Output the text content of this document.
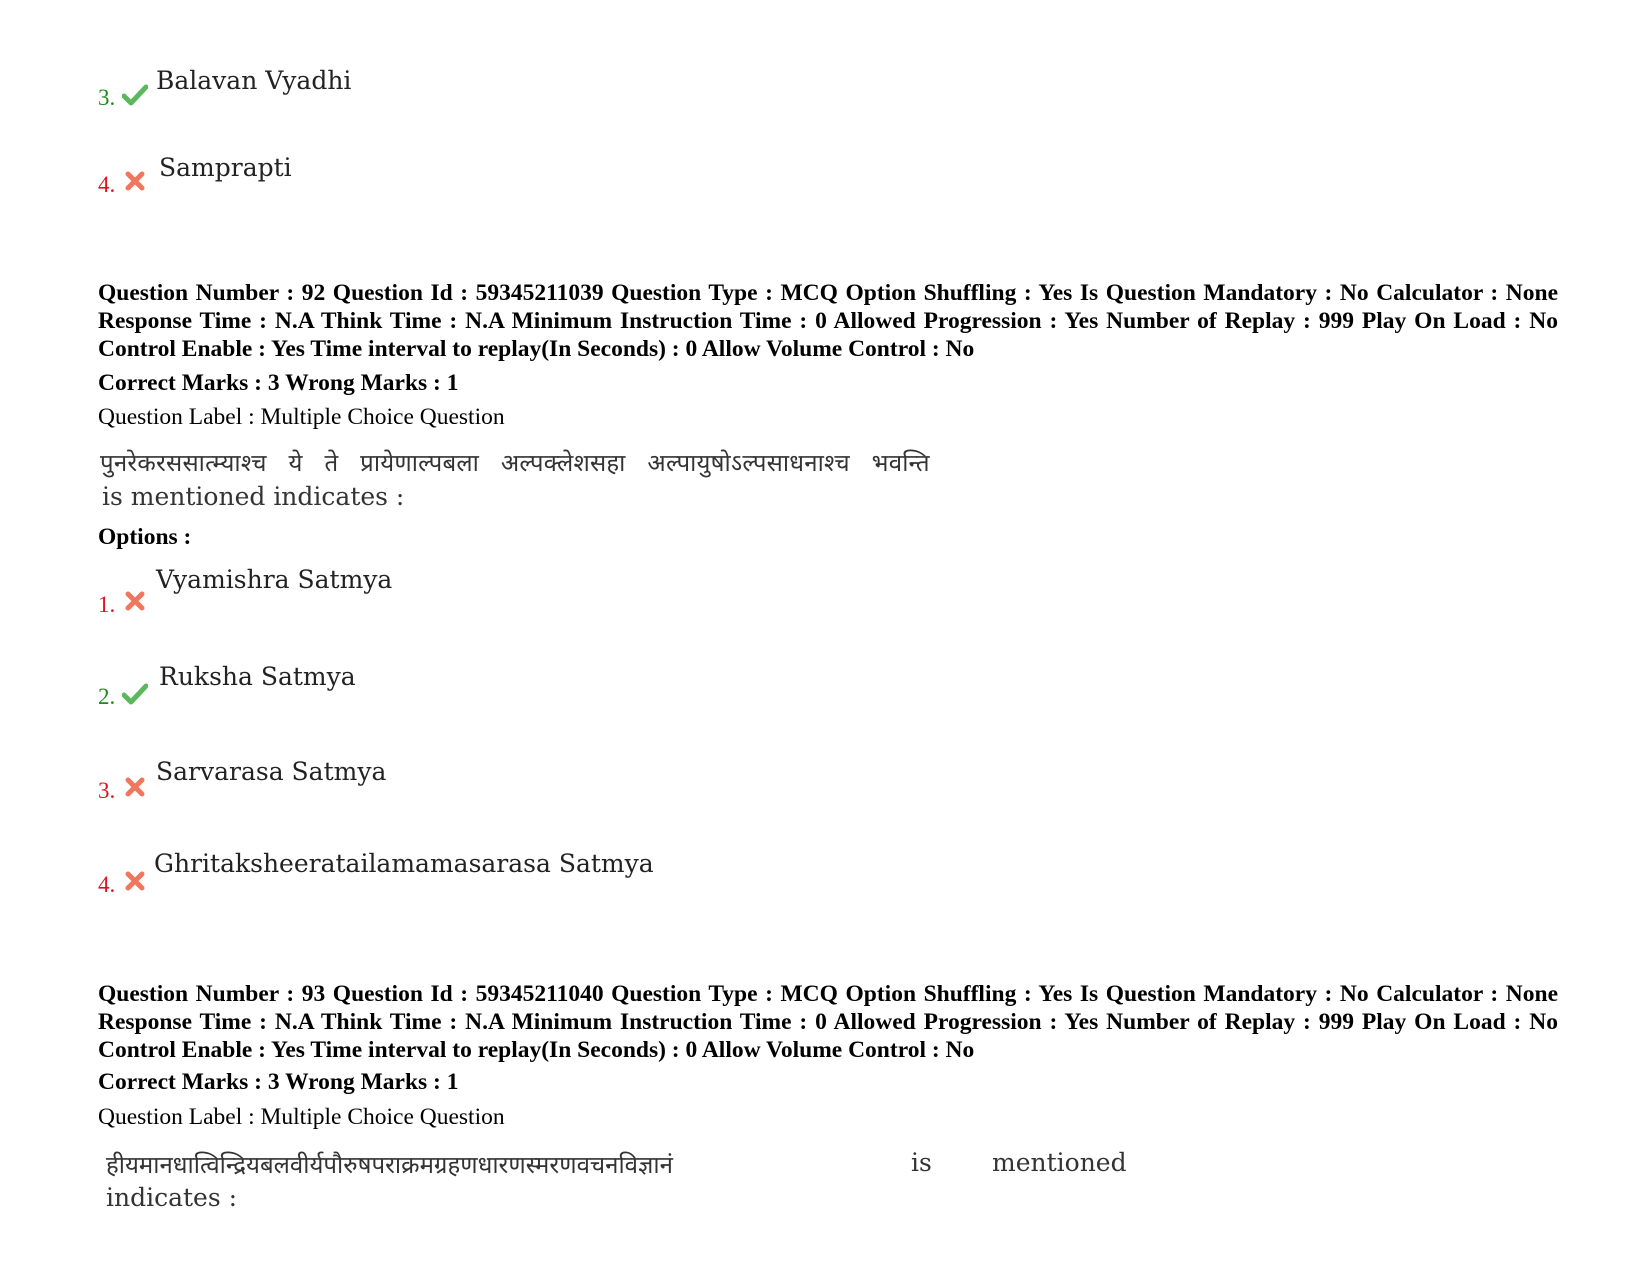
3.
Balavan Vyadhi
4.
Samprapti
Question Number : 92 Question Id : 59345211039 Question Type : MCQ Option Shuffling : Yes Is Question Mandatory : No Calculator : None Response Time : N.A Think Time : N.A Minimum Instruction Time : 0 Allowed Progression : Yes Number of Replay : 999 Play On Load : No Control Enable : Yes Time interval to replay(In Seconds) : 0 Allow Volume Control : No
Correct Marks : 3 Wrong Marks : 1
Question Label : Multiple Choice Question
पुनरेकरससात्म्याश्च ये ते प्रायेणाल्पबला अल्पक्लेशसहा अल्पायुषोऽल्पसाधनाश्च भवन्ति
is mentioned indicates :
Options :
1.
Vyamishra Satmya
2.
Ruksha Satmya
3.
Sarvarasa Satmya
4.
Ghritaksheeratailamamasarasa Satmya
Question Number : 93 Question Id : 59345211040 Question Type : MCQ Option Shuffling : Yes Is Question Mandatory : No Calculator : None Response Time : N.A Think Time : N.A Minimum Instruction Time : 0 Allowed Progression : Yes Number of Replay : 999 Play On Load : No Control Enable : Yes Time interval to replay(In Seconds) : 0 Allow Volume Control : No
Correct Marks : 3 Wrong Marks : 1
Question Label : Multiple Choice Question
हीयमानधात्विन्द्रियबलवीर्यपौरुषपराक्रमग्रहणधारणस्मरणवचनविज्ञानं	is mentioned
indicates :
